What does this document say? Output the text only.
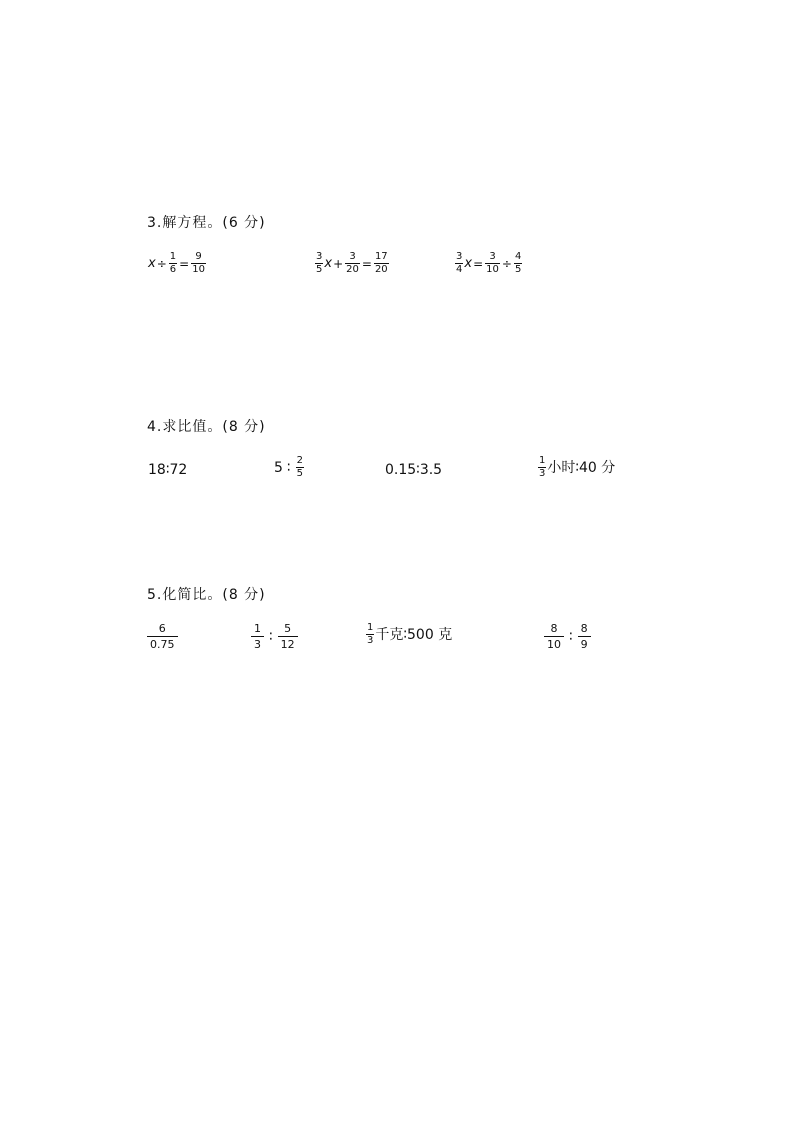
3.解方程。(6 分)
$x \div \frac{1}{6} = \frac{9}{10}$	$\frac{3}{5}$ $x + \frac{3}{20} = \frac{17}{20}$	$\frac{3}{4}$ $x = \frac{3}{10} \div \frac{4}{5}$
4.求比值。(8 分)
18∶72	5 ∶ $\frac{2}{5}$	0.15∶3.5	$\frac{1}{3}$ 小时∶40 分
5.化简比。(8 分)
$\frac{6}{0.75}$	$\frac{1}{3}$ ∶ $\frac{5}{12}$	$\frac{1}{3}$ 千克∶500 克	$\frac{8}{10}$ ∶ $\frac{8}{9}$
